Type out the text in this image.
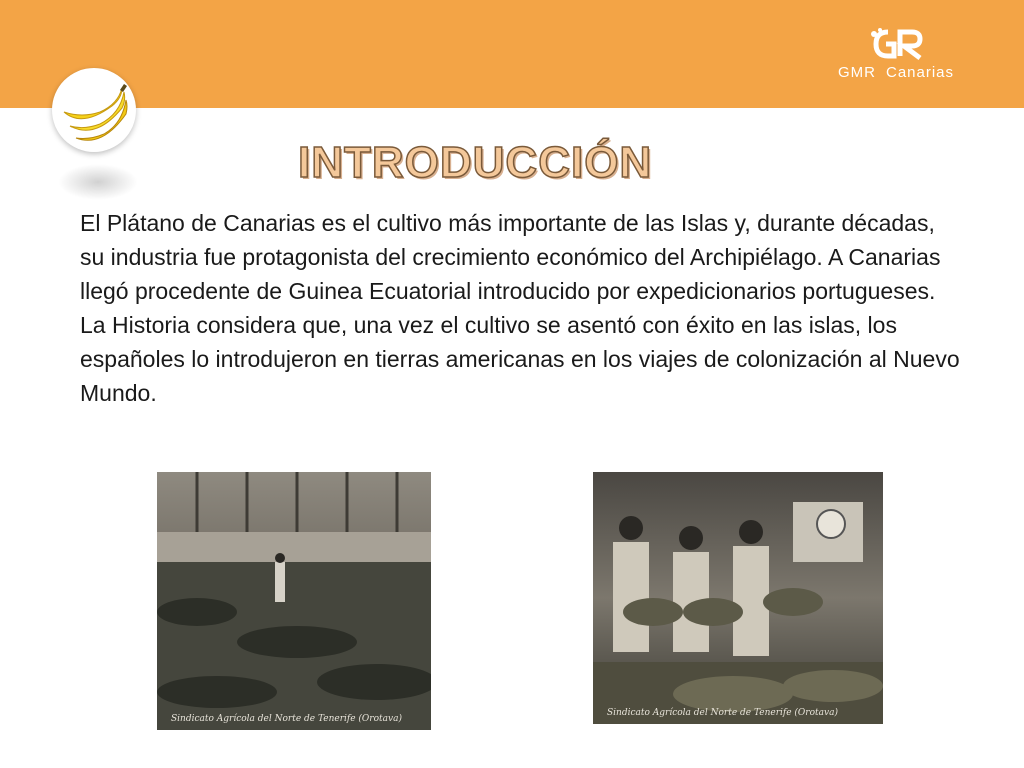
GMR Canarias
INTRODUCCIÓN

El Plátano de Canarias es el cultivo más importante de las Islas y, durante décadas, su industria fue protagonista del crecimiento económico del Archipiélago. A Canarias llegó procedente de Guinea Ecuatorial introducido por expedicionarios portugueses.

La Historia considera que, una vez el cultivo se asentó con éxito en las islas, los españoles lo introdujeron en tierras americanas en los viajes de colonización al Nuevo Mundo.

Sindicato Agrícola del Norte de Tenerife (Orotava)
Sindicato Agrícola del Norte de Tenerife (Orotava)
